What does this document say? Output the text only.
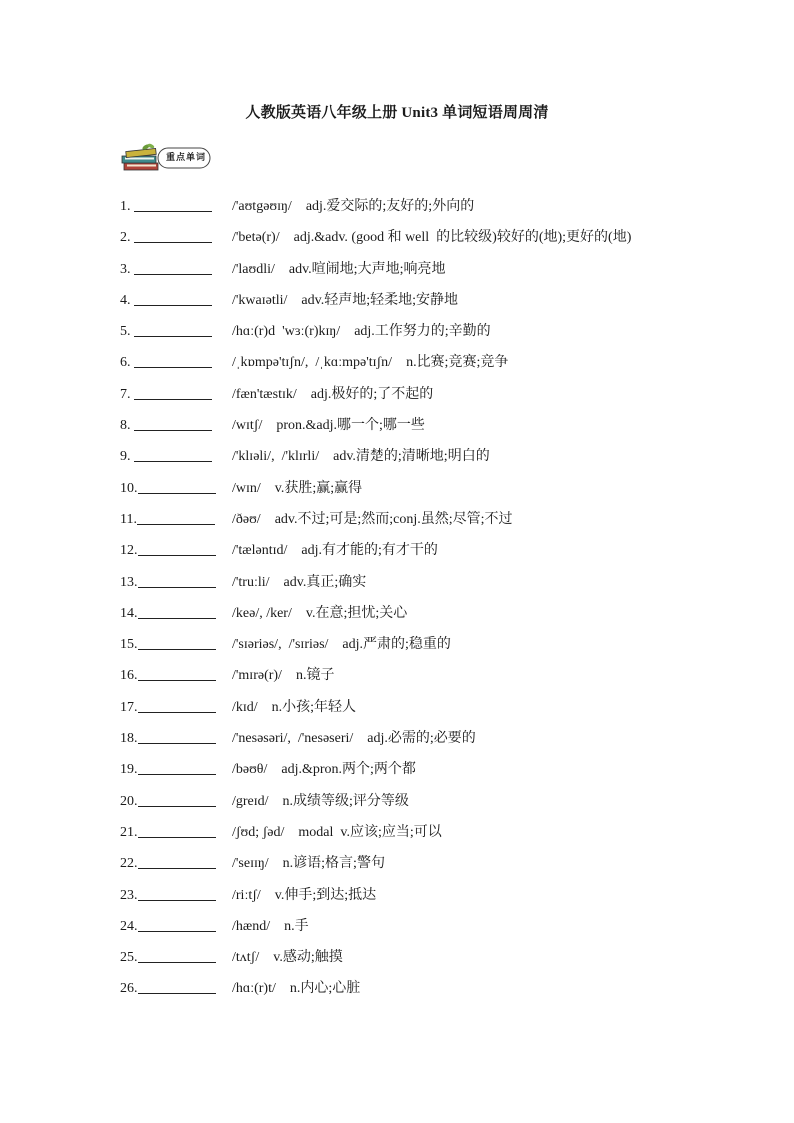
人教版英语八年级上册 Unit3 单词短语周周清
重点单词
1.	/'aʊtgəʊɪŋ/ adj.爱交际的;友好的;外向的
2.	/'betə(r)/ adj.&adv. (good 和 well  的比较级)较好的(地);更好的(地)
3.	/'laʊdli/ adv.喧闹地;大声地;响亮地
4.	/'kwaɪətli/ adv.轻声地;轻柔地;安静地
5.	/hɑː(r)d  'wɜː(r)kɪŋ/ adj.工作努力的;辛勤的
6.	/ˌkɒmpə'tɪʃn/,  /ˌkɑːmpə'tɪʃn/ n.比赛;竞赛;竞争
7.	/fæn'tæstɪk/ adj.极好的;了不起的
8.	/wɪtʃ/ pron.&adj.哪一个;哪一些
9.	/'klɪəli/,  /'klɪrli/ adv.清楚的;清晰地;明白的
10.	/wɪn/ v.获胜;赢;赢得
11.	/ðəʊ/ adv.不过;可是;然而;conj.虽然;尽管;不过
12.	/'tæləntɪd/ adj.有才能的;有才干的
13.	/'truːli/ adv.真正;确实
14.	/keə/, /ker/ v.在意;担忧;关心
15.	/'sɪəriəs/,  /'sɪriəs/ adj.严肃的;稳重的
16.	/'mɪrə(r)/ n.镜子
17.	/kɪd/ n.小孩;年轻人
18.	/'nesəsəri/,  /'nesəseri/ adj.必需的;必要的
19.	/bəʊθ/ adj.&pron.两个;两个都
20.	/greɪd/ n.成绩等级;评分等级
21.	/ʃʊd; ʃəd/ modal  v.应该;应当;可以
22.	/'seɪɪŋ/ n.谚语;格言;警句
23.	/riːtʃ/ v.伸手;到达;抵达
24.	/hænd/ n.手
25.	/tʌtʃ/ v.感动;触摸
26.	/hɑː(r)t/ n.内心;心脏
